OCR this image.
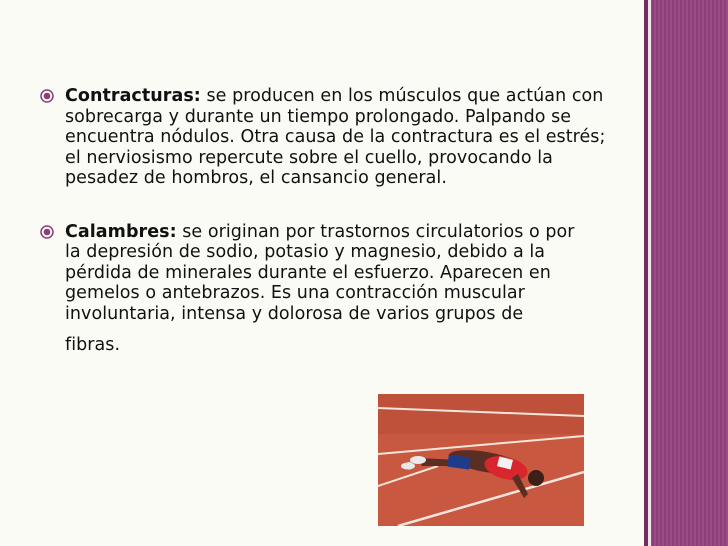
Contracturas: se producen en los músculos que actúan con sobrecarga y durante un tiempo prolongado. Palpando se encuentra nódulos. Otra causa de la contractura es el estrés; el nerviosismo repercute sobre el cuello, provocando la pesadez de hombros, el cansancio general.
Calambres: se originan por trastornos circulatorios o por la depresión de sodio, potasio y magnesio, debido a la pérdida de minerales durante el esfuerzo. Aparecen en gemelos o antebrazos. Es una contracción muscular involuntaria, intensa y dolorosa de varios grupos de
fibras.
